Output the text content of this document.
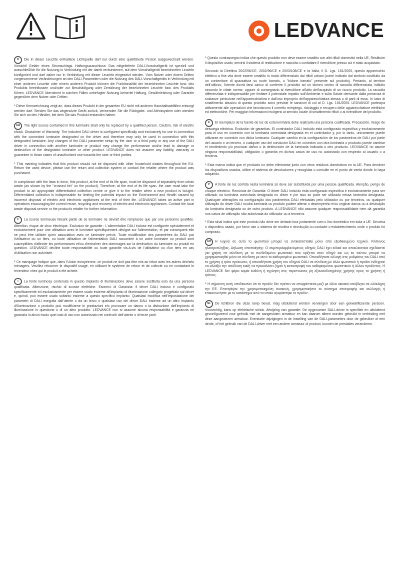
LEDVANCE

D Die in dieser Leuchte enthaltene Lichtquelle darf nur durch eine qualifizierte Person ausgewechselt werden. Vorsicht! Gefahr eines Stromschlags. Haftungsausschluss: Das mitgelieferte DALI-Vorschaltgerät ist speziell und ausschließlich für die Nutzung in Verbindung mit der damit verbundenen, auf dem Vorschaltgerät bezeichneten Leuchte konfiguriert und darf daher nur in Verbindung mit dieser Leuchte eingesetzt werden. Vom Nutzer oder einem Dritten vorgenommene Veränderungen an den DALI-Parametern oder die Nutzung des DALI-Vorschaltgeräts in Verbindung mit einer anderen Leuchte oder einem anderen Produkt können die Funktionalität der bezeichneten Leuchte bzw. des Produkts beeinflussen und/oder zur Beschädigung oder Zerstörung der bezeichneten Leuchte bzw. des Produkts führen. LEDVANCE übernimmt in solchen Fällen unbefugter Nutzung keinerlei Haftung, Gewährleistung oder Garantie gegenüber dem Nutzer oder Dritten.

* Diese Kennzeichnung zeigt an, dass dieses Produkt in der gesamten EU nicht mit anderen Haushaltsabfällen entsorgt werden darf. Senden Sie das abgenutzte Gerät zurück, verwenden Sie die Rückgabe- und Abholsystem oder wenden Sie sich an den Händler, bei dem Sie das Produkt erstanden haben.

GB The light source contained in this luminaire shall only be replaced by a qualified person. Caution, risk of electric shock. Disclaimer of Warranty: The included DALI driver is configured specifically and exclusively for use in connection with the connected luminaire designated on the driver and therefore may only be used in connection with this designated luminaire. Any changes of the DALI parameter setup by the user or a third party or any use of the DALI driver in connection with another luminaire or product may change the performance and/or lead to damage or destruction of the designated luminaire or other product. LEDVANCE does not assume any liability, warranty or guarantee in those cases of unauthorized use towards the user or third parties.

* This marking indicates that this product should not be disposed with other household wastes throughout the EU. Return the used device, please use the return and collection system or contact the retailer where the product was purchased.

In compliance with the laws in force, this product, at the end of its life span, must be disposed of separately from urban waste (as shown by the "crossed bin" on the product). Therefore, at the end of its life span, the user must take the product to an appropriate differentiated collection centre or give it to the retailer when a new product is bought. Differentiated collection is indispensable for limiting the potential impact on the Environment and Health caused by incorrect disposal of electric and electronic appliances at the end of their life. LEDVANCE takes an active part in operations encouraging the correct reuse, recycling and recovery of electric and electronic appliances. Contact the local waste disposal service or the product's retailer for further information.

F La source lumineuse faisant partie de ce luminaire ne devrait être remplacée que par une personne qualifiée. Attention, risque de choc électrique. Exclusion de garantie : L'alimentation DALI incluse est configurée spécialement et exclusivement pour une utilisation avec le luminaire spécifiquement désigné sur l'alimentation, et par conséquent elle ne peut être utilisée qu'en association avec ce luminaire précis. Toute modification des paramètres du DALI par l'utilisateur ou un tiers, ou toute utilisation de l'alimentation DALI raccordée à un autre luminaire ou produit sont susceptibles d'affecter les performances et/ou d'entraîner des dommages sur la destruction du luminaire ou produit en question. LEDVANCE décline toute responsabilité ou toute garantie vis-à-vis de l'utilisateur ou d'un tiers en cas d'utilisation non autorisée.

* Ce marquage indique que, dans l'Union européenne, ce produit ne doit pas être mis au rebut avec les autres déchets ménagers. Veuillez retourner le dispositif usagé, en utilisant le système de retour et de collecte ou en contactant le revendeur chez qui le produit a été acheté.

I La fonte luminosa contenuta in questo impianto di illuminazione deve essere sostituita solo da una persona qualificata. Attenzione, rischio di scosse elettriche. Esonero di Garanzia: Il driver DALI incluso è configurato specificamente ed esclusivamente per essere usato insieme all'impianto di illuminazione collegato progettato sul driver e, quindi, può essere usato soltanto insieme a questo specifico impianto. Qualsiasi modifica nell'impostazione dei parametri di DALI eseguita dall'utente o da un terzo o qualsiasi uso del driver DALI insieme ad un altro impianto d'illuminazione o prodotto può modificarne le prestazioni e/o provocare un danno o la distruzione dell'impianto di illuminazione in questione o di un altro prodotto. LEDVANCE non si assume alcuna responsabilità e garanzia né garanzia in alcun modo quei casi di uso non autorizzato nei confronti dell'utente o di terze parti.

* Questo contrassegno indica che questo prodotto non deve essere smaltito con altri rifiuti domestici nella UE. Restituire il dispositivo usato; servirsi il sistema di restituzione e raccolta o contattare il rivenditore presso cui è stato acquistato.

Secondo la Direttiva 2002/96/CE, 2002/96/CE e 2003/108/CE e la Italia, il D. Lgs. 151/2005, questo apparecchio elettrico a fine vita deve essere smaltito in modo differenziato dai rifiuti urbani (come indicato dal simbolo costituito da un contenitore di spazzatura su ruote barrato, o "bidone barrato" presente sul prodotto). Pertanto, al termine dell'utilizzo, l'utente dovrà farsi carico di conferire il prodotto ad un idoneo centro di raccolta differenziata, istituito secondo le citate norme, oppure di consegnarlo al rivenditore all'atto dell'acquisto di un nuovo prodotto. La raccolta differenziata è indispensabile per limitare il potenziale impatto sull'Ambiente e sulla Salute derivante dalla presenza di sostanze pericolose nell'apparecchiatura e dall'uso improprio dell'apparecchiatura stessa o di parti di essa. In caso di smaltimento abusivo di questo prodotto sono previste le sanzioni di cui al D. Lgs. 151/2005. LEDVANCE partecipa attivamente alle operazioni che favoriscono il corretto reimpiego, riciclaggio e recupero delle apparecchiature elettriche ed elettroniche. Per maggiori informazioni rivolgersi al servizio locale di smaltimento rifiuti o al rivenditore del prodotto.

E El reemplazo de la fuente de luz de esta luminaria debe realizarla una persona cualificada. Precaución, riesgo de descarga eléctrica. Exclusión de garantías: El controlador DALI incluido está configurado específica y exclusivamente para el uso en conexión con la luminaria conectada designada en el controlador y, por lo tanto, únicamente puede utilizarse en conexión con dicha luminaria. Cualquier cambio en la configuración de los parámetros de DALI por parte del usuario o un tercero, o cualquier uso del conductor DALI en conexión con otra luminaria o producto puede cambiar el rendimiento y/o provocar daños o la destrucción de la luminaria indicada u otro producto. LEDVANCE no asume ninguna responsabilidad, obligación o garantía en dichos casos de uso no autorizado con respecto al usuario o a terceros.

* Esta marca indica que el producto no debe eliminarse junto con otros residuos domésticos en la UE. Para devolver los dispositivos usados, utilice el sistema de devoluciones y recogidas o consulte en el punto de venta donde lo haya adquirido.

P A fonte de luz contida nesta luminária só deve ser substituída por uma pessoa qualificada. Atenção, perigo de choque eléctrico. Renúncia de Garantia: O driver DALI incluído está configurado específica e exclusivamente para ser utilizado na luminária conectada designada no driver e por isso só pode ser utilizado nessa luminária designada. Quaisquer alterações na configuração dos parâmetros DALI efetuadas pelo utilizador ou por terceiros, ou qualquer utilização do driver DALI noutra luminária ou produto podem alterar o desempenho e/ou originar danos ou a destruição da luminária designada ou de outro produto. A LEDVANCE não assume qualquer responsabilidade nem dá garantia nos casos de utilização não autorizada ao utilizador ou a terceiros.

* Esta sinal indica que este produto não deve ser deitado fora juntamente com o lixo doméstico em toda a UE. Devolva o dispositivo usado, por favor use o sistema de recolha e devolução ou contacte o estabelecimento onde o produto foi comprado.

GR Η λυχνία σε αυτό το φωτιστικό μπορεί να αντικατασταθεί μόνο από εξειδικευμένο τεχνικό. Κίνδυνος ηλεκτροπληξίας. Δήλωση αποποίησης: Ο συμπεριλαμβανόμενος οδηγός DALI έχει ειδικά και αποκλειστικά σχεδιαστεί για χρήση σε σύνδεση με το συνδεδεμένο φωτιστικό που ορίζεται στον οδηγό και ως εκ τούτου μπορεί να χρησιμοποιηθεί μόνο σε σύνδεση με αυτό το καθορισμένο φωτιστικό. Οποιαδήποτε αλλαγή στις ρυθμίσεις του DALI από το χρήστη ή τρίτο πρόσωπο, ή οποιαδήποτε χρήση του οδηγού DALI σε σύνδεση με άλλο φωτιστικό ή προϊόν ενδέχεται να αλλάξει την απόδοση και/ή να προκαλέσει ζημιά ή καταστροφή του καθορισμένου φωτιστικού ή άλλου προϊόντος. Η LEDVANCE δεν φέρει καμία ευθύνη ή εγγύηση στις περιπτώσεις μη εξουσιοδοτημένης χρήσης προς το χρήστη ή τρίτους.

* Η σήμανση αυτή υποδεικνύει ότι το προϊόν δεν πρέπει να απορρίπτεται μαζί με άλλα οικιακά απόβλητα σε ολόκληρη την ΕΕ. Επιστρέψτε την χρησιμοποιημένη συσκευή, χρησιμοποιήστε το σύστημα επιστροφής και συλλογής ή επικοινωνήστε με το κατάστημα από το οποίο αγοράστηκε το προϊόν.

NL De lichtbron die deze lamp bevat, mag uitsluitend worden vervangen door een gekwalificeerde persoon. Voorzichtig, kans op elektrische schok. Afwijzing van garantie: De opgenomen DALI-driver is specifiek en uitsluitend geconfigureerd voor gebruik met de aangesloten armatuur en kan daarom alleen worden gebruikt in verbinding met deze aangewezen armatuur. Eventuele wijzigingen in de instelling van de DALI-parameters door de gebruiker of een derde, of het gebruik van de DALI-driver met een andere armatuur of product, kunnen de prestaties veranderen.
